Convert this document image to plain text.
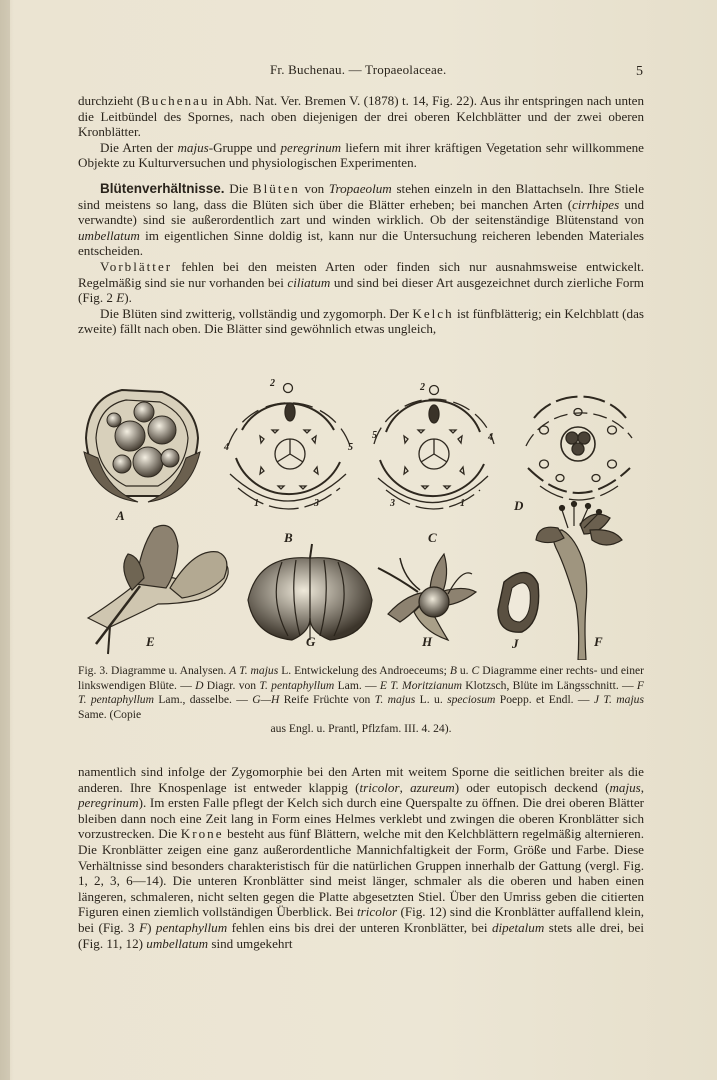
Fr. Buchenau. — Tropaeolaceae.	5

durchzieht (Buchenau in Abh. Nat. Ver. Bremen V. (1878) t. 14, Fig. 22). Aus ihr entspringen nach unten die Leitbündel des Spornes, nach oben diejenigen der drei oberen Kelchblätter und der zwei oberen Kronblätter.

Die Arten der majus-Gruppe und peregrinum liefern mit ihrer kräftigen Vegetation sehr willkommene Objekte zu Kulturversuchen und physiologischen Experimenten.

Blütenverhältnisse. Die Blüten von Tropaeolum stehen einzeln in den Blattachseln. Ihre Stiele sind meistens so lang, dass die Blüten sich über die Blätter erheben; bei manchen Arten (cirrhipes und verwandte) sind sie außerordentlich zart und winden wirklich. Ob der seitenständige Blütenstand von umbellatum im eigentlichen Sinne doldig ist, kann nur die Untersuchung reicheren lebenden Materiales entscheiden.

Vorblätter fehlen bei den meisten Arten oder finden sich nur ausnahmsweise entwickelt. Regelmäßig sind sie nur vorhanden bei ciliatum und sind bei dieser Art ausgezeichnet durch zierliche Form (Fig. 2 E).

Die Blüten sind zwitterig, vollständig und zygomorph. Der Kelch ist fünfblätterig; ein Kelchblatt (das zweite) fällt nach oben. Die Blätter sind gewöhnlich etwas ungleich,

A
B	C
D
E	G	H	J	F
2
4	5
1	3
2
5	4
3	1

Fig. 3. Diagramme u. Analysen. A T. majus L. Entwickelung des Androeceums; B u. C Diagramme einer rechts- und einer linkswendigen Blüte. — D Diagr. von T. pentaphyllum Lam. — E T. Moritzianum Klotzsch, Blüte im Längsschnitt. — F T. pentaphyllum Lam., dasselbe. — G—H Reife Früchte von T. majus L. u. speciosum Poepp. et Endl. — J T. majus Same. (Copie

aus Engl. u. Prantl, Pflzfam. III. 4. 24).

namentlich sind infolge der Zygomorphie bei den Arten mit weitem Sporne die seitlichen breiter als die anderen. Ihre Knospenlage ist entweder klappig (tricolor, azureum) oder eutopisch deckend (majus, peregrinum). Im ersten Falle pflegt der Kelch sich durch eine Querspalte zu öffnen. Die drei oberen Blätter bleiben dann noch eine Zeit lang in Form eines Helmes verklebt und zwingen die oberen Kronblätter sich vorzustrecken. Die Krone besteht aus fünf Blättern, welche mit den Kelchblättern regelmäßig alternieren. Die Kronblätter zeigen eine ganz außerordentliche Mannichfaltigkeit der Form, Größe und Farbe. Diese Verhältnisse sind besonders charakteristisch für die natürlichen Gruppen innerhalb der Gattung (vergl. Fig. 1, 2, 3, 6—14). Die unteren Kronblätter sind meist länger, schmaler als die oberen und haben einen längeren, schmaleren, nicht selten gegen die Platte abgesetzten Stiel. Über den Umriss geben die citierten Figuren einen ziemlich vollständigen Überblick. Bei tricolor (Fig. 12) sind die Kronblätter auffallend klein, bei (Fig. 3 F) pentaphyllum fehlen eins bis drei der unteren Kronblätter, bei dipetalum stets alle drei, bei (Fig. 11, 12) umbellatum sind umgekehrt
